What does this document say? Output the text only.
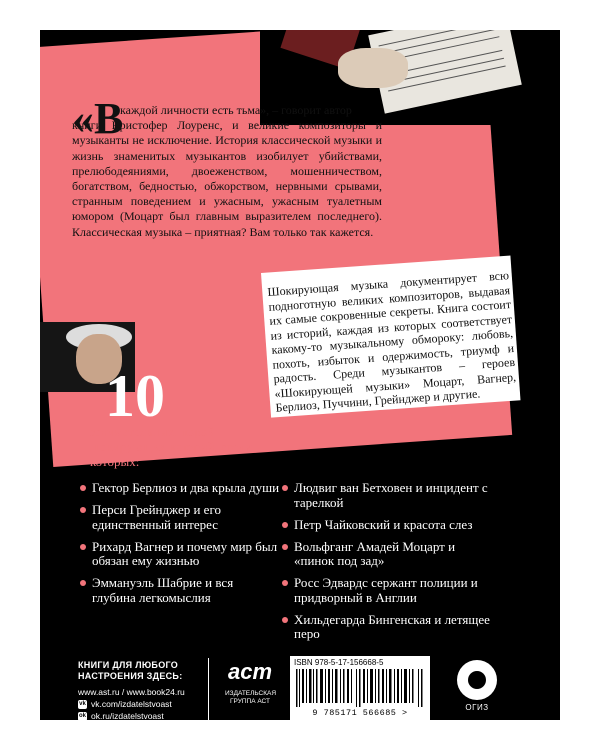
«В
каждой личности есть тьма», – говорит автор
книги Кристофер Лоуренс, и великие композиторы и музыканты не исключение. История классической музыки и жизнь знаменитых музыкантов изобилует убийствами, прелюбодеяниями, двоеженством, мошенничеством, богатством, бедностью, обжорством, нервными срывами, странным поведением и ужасным, ужасным туалетным юмором (Моцарт был главным выразителем последнего). Классическая музыка – приятная? Вам только так кажется.
Шокирующая музыка документирует всю подноготную великих композиторов, выдавая их самые сокровенные секреты. Книга состоит из историй, каждая из которых соответствует какому-то музыкальному обмороку: любовь, похоть, избыток и одержимость, триумф и радость. Среди музыкантов – героев «Шокирующей музыки» Моцарт, Вагнер, Берлиоз, Пуччини, Грейнджер и другие.
10
занимательных, порой шокирующих историй, среди которых:
Гектор Берлиоз и два крыла души
Перси Грейнджер и его единственный интерес
Рихард Вагнер и почему мир был обязан ему жизнью
Эммануэль Шабрие и вся глубина легкомыслия
Людвиг ван Бетховен и инцидент с тарелкой
Петр Чайковский и красота слез
Вольфганг Амадей Моцарт и «пинок под зад»
Росс Эдвардс сержант полиции и придворный в Англии
Хильдегарда Бингенская и летящее перо
КНИГИ ДЛЯ ЛЮБОГО
НАСТРОЕНИЯ ЗДЕСЬ:
www.ast.ru / www.book24.ru
vk vk.com/izdatelstvoast
ok ok.ru/izdatelstvoast
аст
ИЗДАТЕЛЬСКАЯ
ГРУППА АСТ
ISBN 978-5-17-156668-5
9 785171 566685 >
ОГИЗ
